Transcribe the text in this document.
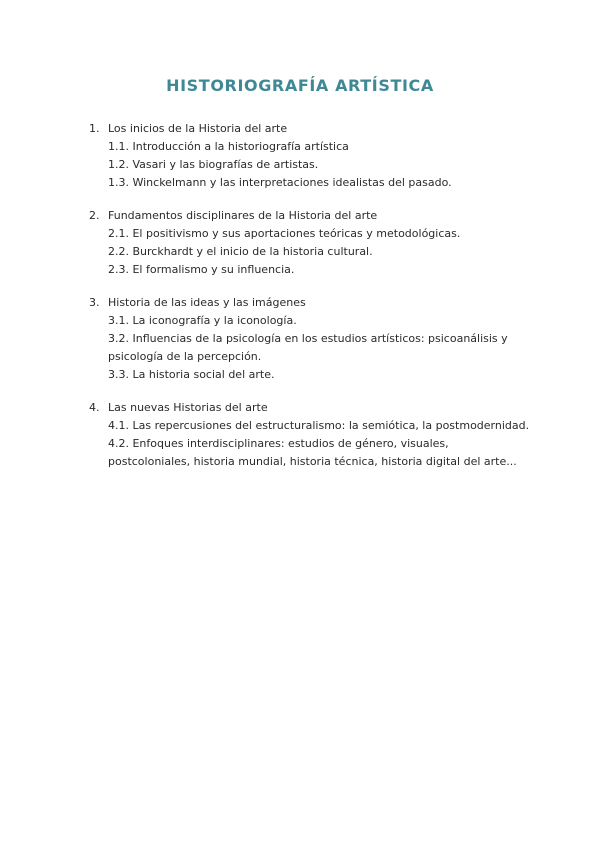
HISTORIOGRAFÍA ARTÍSTICA
1. Los inicios de la Historia del arte
1.1. Introducción a la historiografía artística
1.2. Vasari y las biografías de artistas.
1.3. Winckelmann y las interpretaciones idealistas del pasado.
2. Fundamentos disciplinares de la Historia del arte
2.1. El positivismo y sus aportaciones teóricas y metodológicas.
2.2. Burckhardt y el inicio de la historia cultural.
2.3. El formalismo y su influencia.
3. Historia de las ideas y las imágenes
3.1. La iconografía y la iconología.
3.2. Influencias de la psicología en los estudios artísticos: psicoanálisis y psicología de la percepción.
3.3. La historia social del arte.
4. Las nuevas Historias del arte
4.1. Las repercusiones del estructuralismo: la semiótica, la postmodernidad.
4.2. Enfoques interdisciplinares: estudios de género, visuales, postcoloniales, historia mundial, historia técnica, historia digital del arte...
